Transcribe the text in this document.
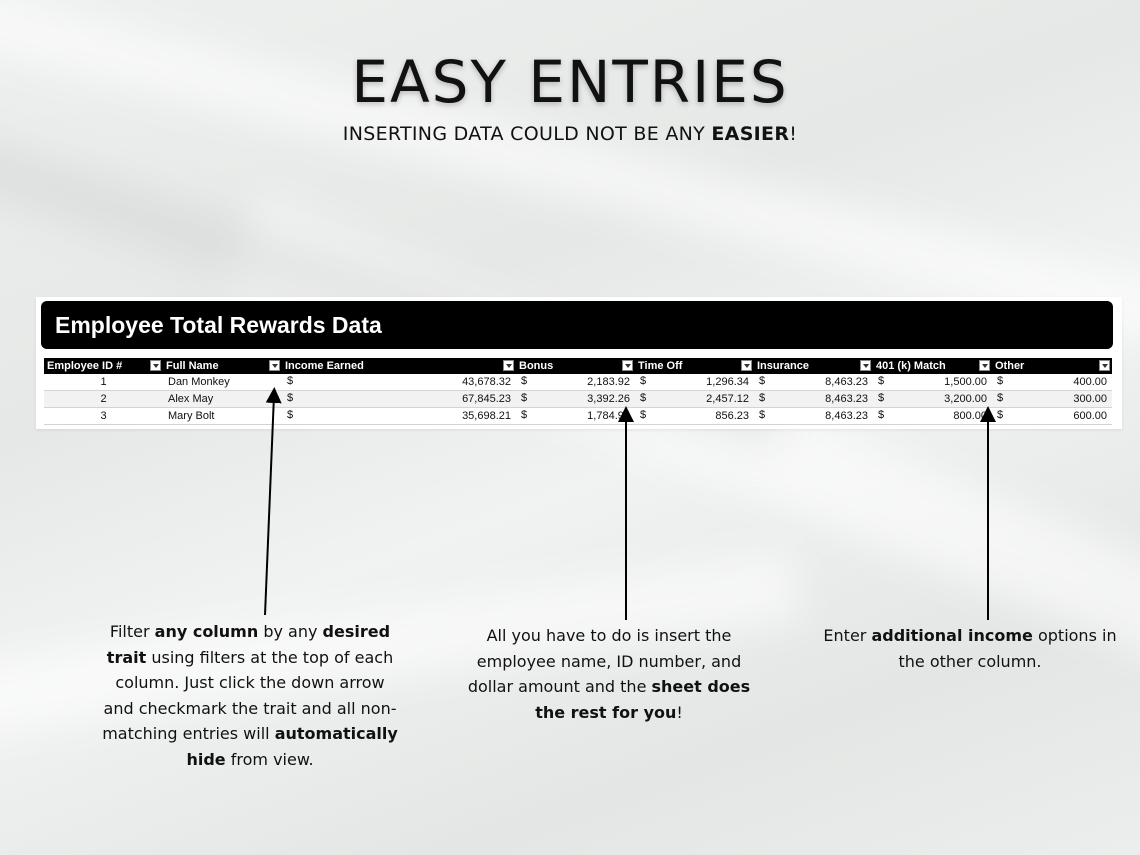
EASY ENTRIES
INSERTING DATA COULD NOT BE ANY EASIER!
Employee Total Rewards Data
Employee ID #	Full Name	Income Earned	Bonus	Time Off	Insurance	401 (k) Match	Other

1	Dan Monkey	$ 43,678.32	$ 2,183.92	$ 1,296.34	$ 8,463.23	$ 1,500.00	$ 400.00

2	Alex May	$ 67,845.23	$ 3,392.26	$ 2,457.12	$ 8,463.23	$ 3,200.00	$ 300.00

3	Mary Bolt	$ 35,698.21	$ 1,784.91	$ 856.23	$ 8,463.23	$ 800.00	$ 600.00
Filter any column by any desired trait using filters at the top of each column. Just click the down arrow and checkmark the trait and all non-matching entries will automatically hide from view.
All you have to do is insert the employee name, ID number, and dollar amount and the sheet does the rest for you!
Enter additional income options in the other column.
